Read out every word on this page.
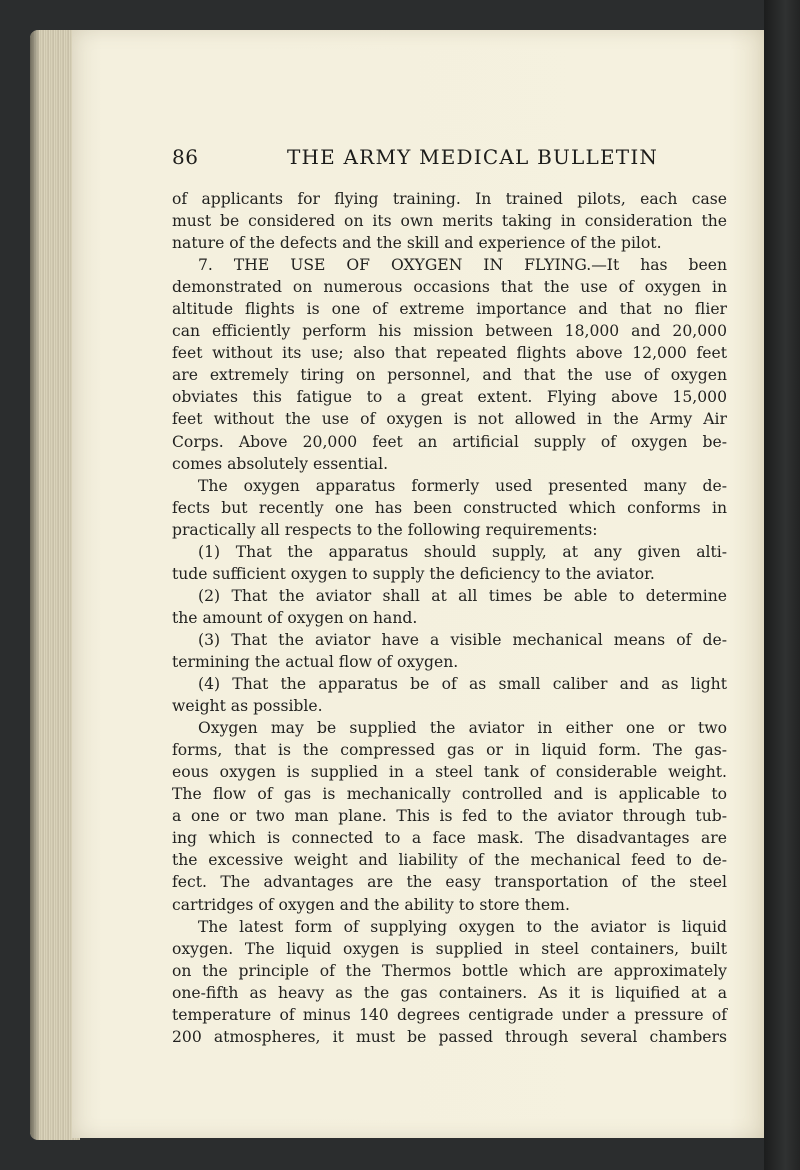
86	THE ARMY MEDICAL BULLETIN
of applicants for flying training. In trained pilots, each case
must be considered on its own merits taking in consideration the
nature of the defects and the skill and experience of the pilot.
7. THE USE OF OXYGEN IN FLYING.—It has been
demonstrated on numerous occasions that the use of oxygen in
altitude flights is one of extreme importance and that no flier
can efficiently perform his mission between 18,000 and 20,000
feet without its use; also that repeated flights above 12,000 feet
are extremely tiring on personnel, and that the use of oxygen
obviates this fatigue to a great extent. Flying above 15,000
feet without the use of oxygen is not allowed in the Army Air
Corps. Above 20,000 feet an artificial supply of oxygen be-
comes absolutely essential.
The oxygen apparatus formerly used presented many de-
fects but recently one has been constructed which conforms in
practically all respects to the following requirements:
(1) That the apparatus should supply, at any given alti-
tude sufficient oxygen to supply the deficiency to the aviator.
(2) That the aviator shall at all times be able to determine
the amount of oxygen on hand.
(3) That the aviator have a visible mechanical means of de-
termining the actual flow of oxygen.
(4) That the apparatus be of as small caliber and as light
weight as possible.
Oxygen may be supplied the aviator in either one or two
forms, that is the compressed gas or in liquid form. The gas-
eous oxygen is supplied in a steel tank of considerable weight.
The flow of gas is mechanically controlled and is applicable to
a one or two man plane. This is fed to the aviator through tub-
ing which is connected to a face mask. The disadvantages are
the excessive weight and liability of the mechanical feed to de-
fect. The advantages are the easy transportation of the steel
cartridges of oxygen and the ability to store them.
The latest form of supplying oxygen to the aviator is liquid
oxygen. The liquid oxygen is supplied in steel containers, built
on the principle of the Thermos bottle which are approximately
one-fifth as heavy as the gas containers. As it is liquified at a
temperature of minus 140 degrees centigrade under a pressure of
200 atmospheres, it must be passed through several chambers
